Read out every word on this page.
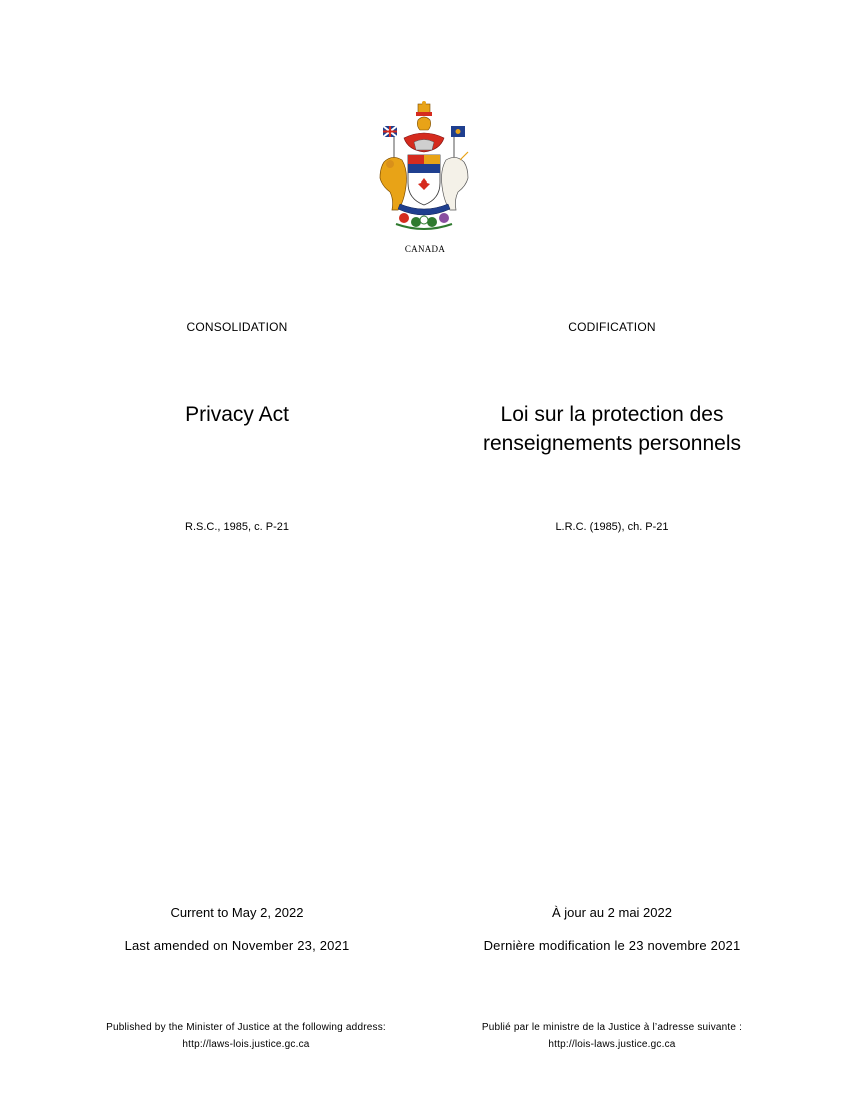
CANADA
CONSOLIDATION
Privacy Act
R.S.C., 1985, c. P-21
Current to May 2, 2022
Last amended on November 23, 2021
Published by the Minister of Justice at the following address:
http://laws-lois.justice.gc.ca
CODIFICATION
Loi sur la protection des
renseignements personnels
L.R.C. (1985), ch. P-21
À jour au 2 mai 2022
Dernière modification le 23 novembre 2021
Publié par le ministre de la Justice à l’adresse suivante :
http://lois-laws.justice.gc.ca
